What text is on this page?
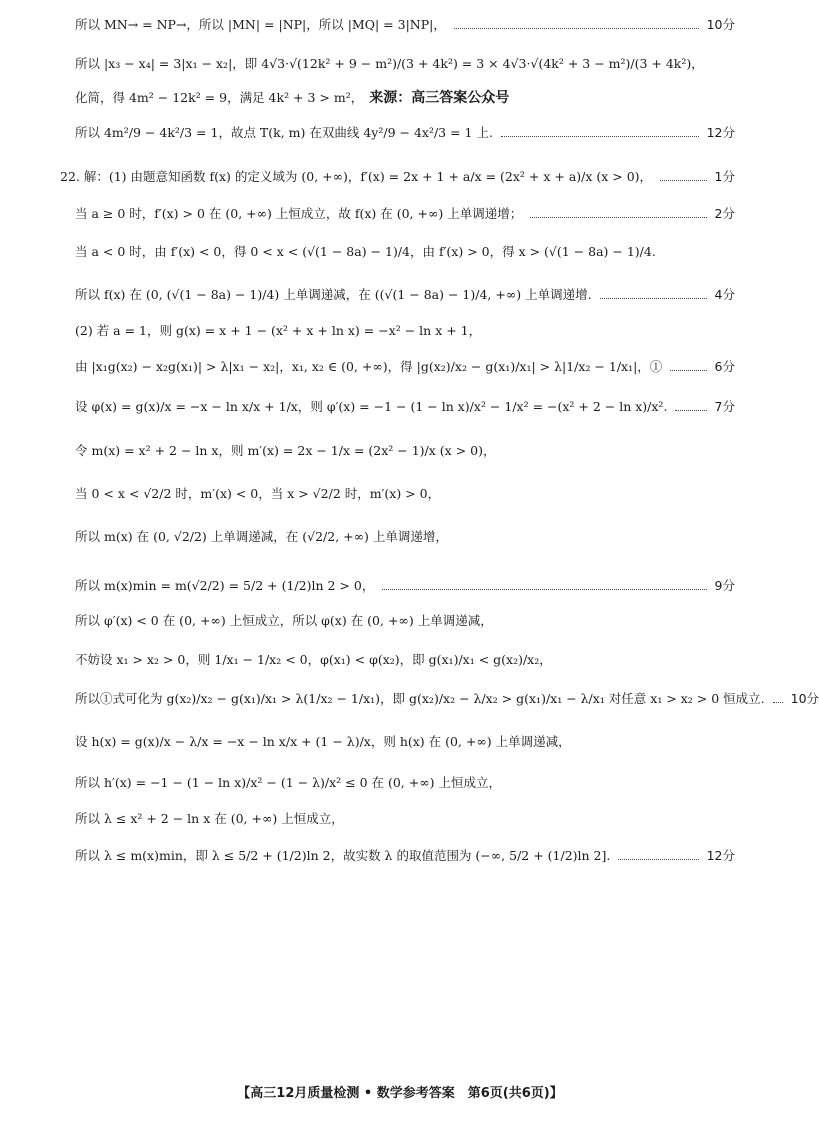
所以 MN→ = NP→，所以 |MN| = |NP|，所以 |MQ| = 3|NP|，	10分
所以 |x₃ − x₄| = 3|x₁ − x₂|，即 4√3·√(12k² + 9 − m²)/(3 + 4k²) = 3 × 4√3·√(4k² + 3 − m²)/(3 + 4k²)，
化简，得 4m² − 12k² = 9，满足 4k² + 3 > m²， 来源：高三答案公众号
所以 4m²/9 − 4k²/3 = 1，故点 T(k, m) 在双曲线 4y²/9 − 4x²/3 = 1 上.	12分
22. 解：(1) 由题意知函数 f(x) 的定义域为 (0, +∞)，f′(x) = 2x + 1 + a/x = (2x² + x + a)/x (x > 0)，	1分
当 a ≥ 0 时，f′(x) > 0 在 (0, +∞) 上恒成立，故 f(x) 在 (0, +∞) 上单调递增；	2分
当 a < 0 时，由 f′(x) < 0，得 0 < x < (√(1 − 8a) − 1)/4，由 f′(x) > 0，得 x > (√(1 − 8a) − 1)/4.
所以 f(x) 在 (0, (√(1 − 8a) − 1)/4) 上单调递减，在 ((√(1 − 8a) − 1)/4, +∞) 上单调递增.	4分
(2) 若 a = 1，则 g(x) = x + 1 − (x² + x + ln x) = −x² − ln x + 1，
由 |x₁g(x₂) − x₂g(x₁)| > λ|x₁ − x₂|，x₁, x₂ ∈ (0, +∞)，得 |g(x₂)/x₂ − g(x₁)/x₁| > λ|1/x₂ − 1/x₁|，①	6分
设 φ(x) = g(x)/x = −x − ln x/x + 1/x，则 φ′(x) = −1 − (1 − ln x)/x² − 1/x² = −(x² + 2 − ln x)/x².	7分
令 m(x) = x² + 2 − ln x，则 m′(x) = 2x − 1/x = (2x² − 1)/x (x > 0)，
当 0 < x < √2/2 时，m′(x) < 0，当 x > √2/2 时，m′(x) > 0，
所以 m(x) 在 (0, √2/2) 上单调递减，在 (√2/2, +∞) 上单调递增，
所以 m(x)min = m(√2/2) = 5/2 + (1/2)ln 2 > 0，	9分
所以 φ′(x) < 0 在 (0, +∞) 上恒成立，所以 φ(x) 在 (0, +∞) 上单调递减，
不妨设 x₁ > x₂ > 0，则 1/x₁ − 1/x₂ < 0，φ(x₁) < φ(x₂)，即 g(x₁)/x₁ < g(x₂)/x₂，
所以①式可化为 g(x₂)/x₂ − g(x₁)/x₁ > λ(1/x₂ − 1/x₁)，即 g(x₂)/x₂ − λ/x₂ > g(x₁)/x₁ − λ/x₁ 对任意 x₁ > x₂ > 0 恒成立. 10分
设 h(x) = g(x)/x − λ/x = −x − ln x/x + (1 − λ)/x，则 h(x) 在 (0, +∞) 上单调递减，
所以 h′(x) = −1 − (1 − ln x)/x² − (1 − λ)/x² ≤ 0 在 (0, +∞) 上恒成立，
所以 λ ≤ x² + 2 − ln x 在 (0, +∞) 上恒成立，
所以 λ ≤ m(x)min，即 λ ≤ 5/2 + (1/2)ln 2，故实数 λ 的取值范围为 (−∞, 5/2 + (1/2)ln 2].	12分
【高三12月质量检测 • 数学参考答案　第6页(共6页)】
